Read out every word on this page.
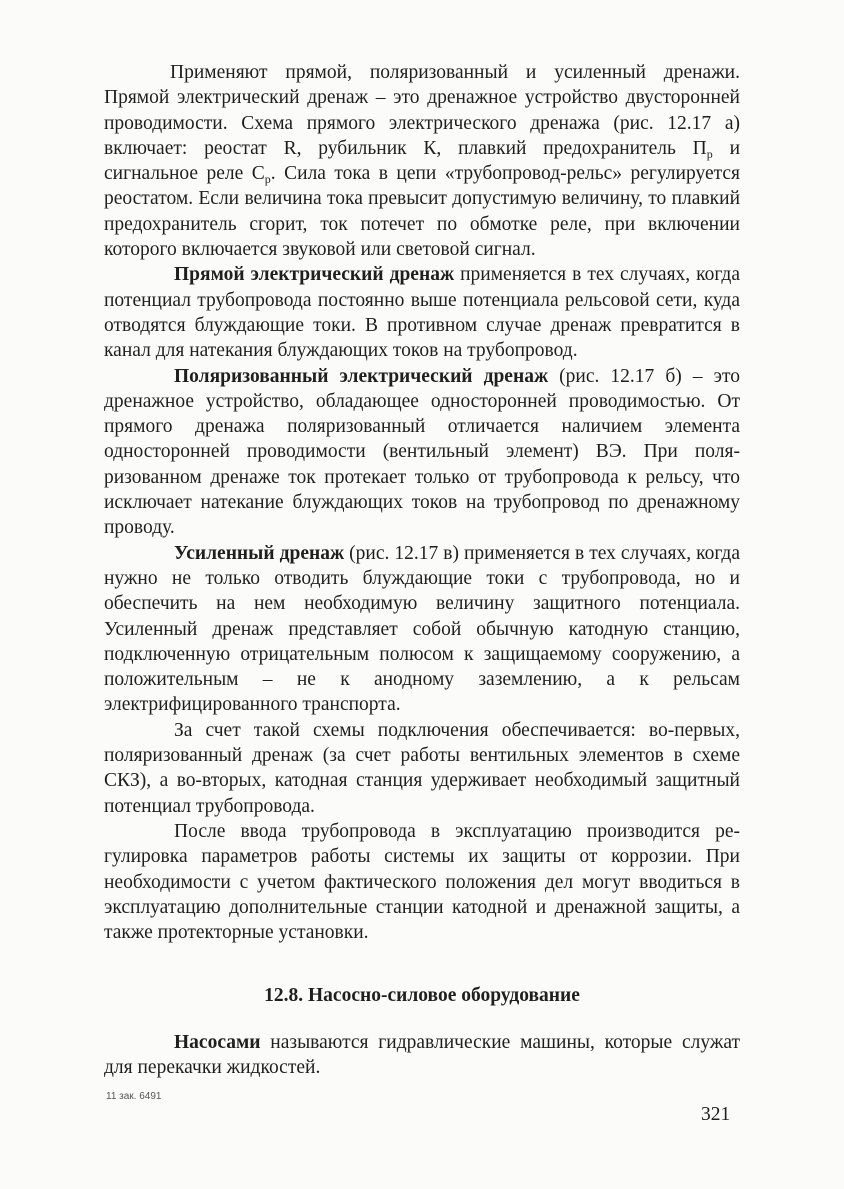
Применяют прямой, поляризованный и усиленный дренажи. Прямой электрический дренаж – это дренажное устройство двусторонней проводимости. Схема прямого электрического дренажа (рис. 12.17 а) включает: реостат R, рубильник К, плавкий предохранитель $П_р$ и сигнальное реле $С_р$. Сила тока в цепи «трубопровод-рельс» регулируется реостатом. Если величина тока превысит допустимую величину, то плавкий предохранитель сгорит, ток потечет по обмотке реле, при включении которого включается звуковой или световой сигнал.

Прямой электрический дренаж применяется в тех случаях, когда потенциал трубопровода постоянно выше потенциала рельсовой сети, куда отводятся блуждающие токи. В противном случае дренаж превратится в канал для натекания блуждающих токов на трубопровод.

Поляризованный электрический дренаж (рис. 12.17 б) – это дренажное устройство, обладающее односторонней проводимостью. От прямого дренажа поляризованный отличается наличием элемента односторонней проводимости (вентильный элемент) ВЭ. При поляризованном дренаже ток протекает только от трубопровода к рельсу, что исключает натекание блуждающих токов на трубопровод по дренажному проводу.

Усиленный дренаж (рис. 12.17 в) применяется в тех случаях, когда нужно не только отводить блуждающие токи с трубопровода, но и обеспечить на нем необходимую величину защитного потенциала. Усиленный дренаж представляет собой обычную катодную станцию, подключенную отрицательным полюсом к защищаемому сооружению, а положительным – не к анодному заземлению, а к рельсам электрифицированного транспорта.

За счет такой схемы подключения обеспечивается: во-первых, поляризованный дренаж (за счет работы вентильных элементов в схеме СКЗ), а во-вторых, катодная станция удерживает необходимый защитный потенциал трубопровода.

После ввода трубопровода в эксплуатацию производится регулировка параметров работы системы их защиты от коррозии. При необходимости с учетом фактического положения дел могут вводиться в эксплуатацию дополнительные станции катодной и дренажной защиты, а также протекторные установки.

12.8. Насосно-силовое оборудование

Насосами называются гидравлические машины, которые служат для перекачки жидкостей.

11 зак. 6491
321
